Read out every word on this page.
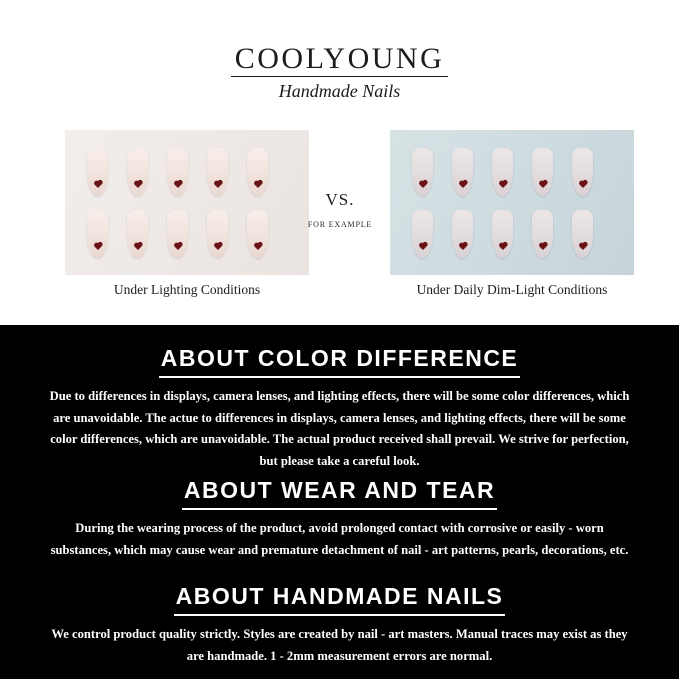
COOLYOUNG
Handmade Nails
Under Lighting Conditions	Under Daily Dim-Light Conditions
VS.
FOR EXAMPLE
ABOUT COLOR DIFFERENCE
Due to differences in displays, camera lenses, and lighting effects, there will be some color differences, which are unavoidable. The actue to differences in displays, camera lenses, and lighting effects, there will be some color differences, which are unavoidable. The actual product received shall prevail. We strive for perfection, but please take a careful look.
ABOUT WEAR AND TEAR
During the wearing process of the product, avoid prolonged contact with corrosive or easily - worn substances, which may cause wear and premature detachment of nail - art patterns, pearls, decorations, etc.
ABOUT HANDMADE NAILS
We control product quality strictly. Styles are created by nail - art masters. Manual traces may exist as they are handmade. 1 - 2mm measurement errors are normal.
